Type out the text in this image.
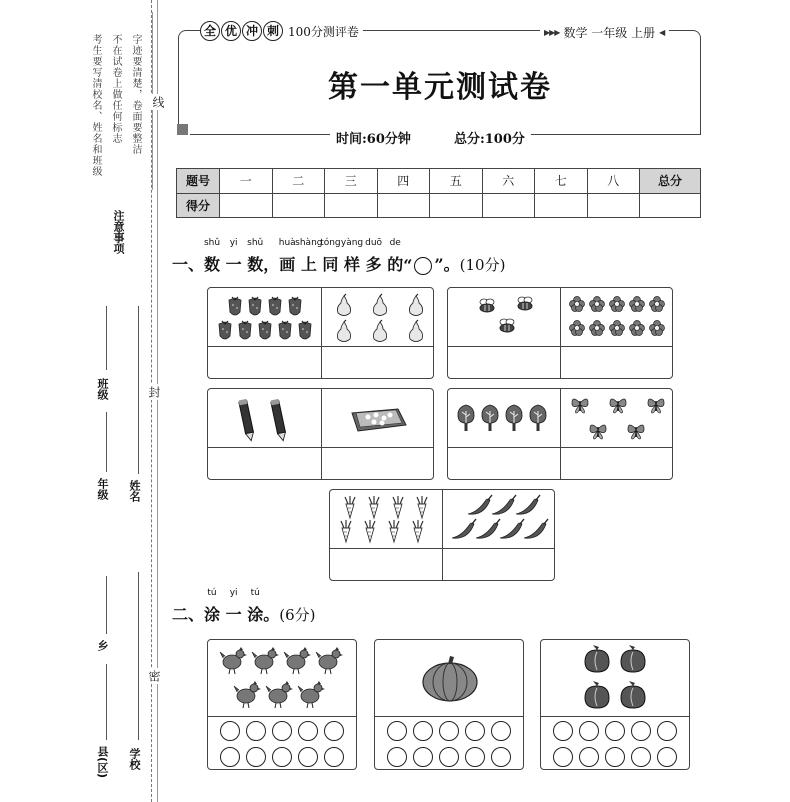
考生要写清校名、姓名和班级 不在试卷上做任何标志 字迹要清楚，卷面要整洁
注意事项
线
封
密
班级
年级
乡
县(区)
姓名
学校
全 优 冲 刺 100分测评卷	▶▶▶ 数学 一年级 上册 ◀
第一单元测试卷
时间:60分钟	总分:100分
题号	一	二	三	四	五	六	七	八	总分
得分									
一、
shǔ
数

yi
一

shǔ
数 ，
huà
画

shàng
上

tóng
同

yàng
样

duō
多

de
的 “ ”。 (10分)
二、
tú
涂

yi
一

tú
涂 。 (6分)
